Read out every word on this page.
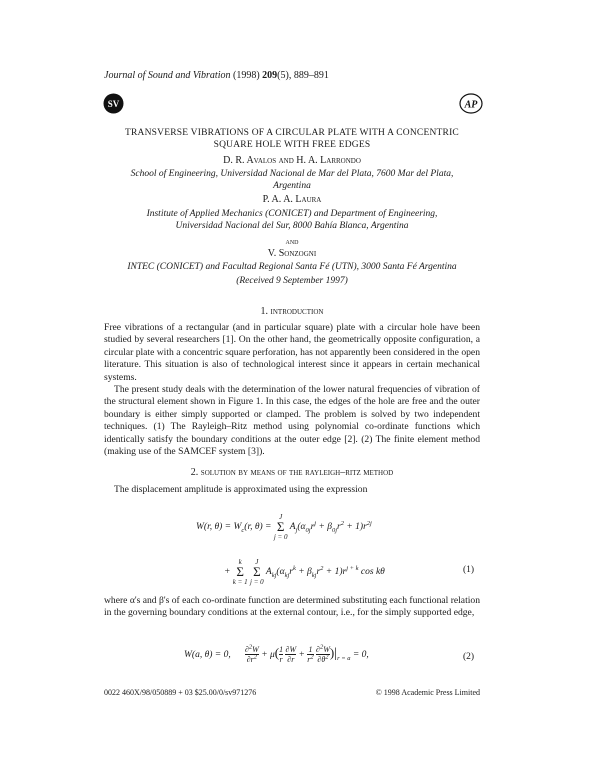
Journal of Sound and Vibration (1998) 209(5), 889–891
SV	AP
TRANSVERSE VIBRATIONS OF A CIRCULAR PLATE WITH A CONCENTRIC
SQUARE HOLE WITH FREE EDGES
D. R. Avalos and H. A. Larrondo
School of Engineering, Universidad Nacional de Mar del Plata, 7600 Mar del Plata,
Argentina
P. A. A. Laura
Institute of Applied Mechanics (CONICET) and Department of Engineering,
Universidad Nacional del Sur, 8000 Bahía Blanca, Argentina
and
V. Sonzogni
INTEC (CONICET) and Facultad Regional Santa Fé (UTN), 3000 Santa Fé Argentina
(Received 9 September 1997)
1. introduction

Free vibrations of a rectangular (and in particular square) plate with a circular hole have been studied by several researchers [1]. On the other hand, the geometrically opposite configuration, a circular plate with a concentric square perforation, has not apparently been considered in the open literature. This situation is also of technological interest since it appears in certain mechanical systems.

The present study deals with the determination of the lower natural frequencies of vibration of the structural element shown in Figure 1. In this case, the edges of the hole are free and the outer boundary is either simply supported or clamped. The problem is solved by two independent techniques. (1) The Rayleigh–Ritz method using polynomial co-ordinate functions which identically satisfy the boundary conditions at the outer edge [2]. (2) The finite element method (making use of the SAMCEF system [3]).

2. solution by means of the rayleigh–ritz method

The displacement amplitude is approximated using the expression

W(r, $\theta) = W_c(r$, θ) =
J
Σ
j = 0
$A_j(\alpha_{0j}r^j + \beta_{0j}r^2 + 1)r^{2j}$
+
k
Σ
k = 1

J
Σ
j = 0
$A_{kj}(\alpha_{kj}r^k + \beta_{kj}r^2 + 1)r^{j + k}$ cos kθ	(1)

where α's and β's of each co-ordinate function are determined substituting each functional relation in the governing boundary conditions at the external contour, i.e., for the simply supported edge,

W(a, θ) = 0, $\frac{\partial^2W}{\partial r^2} + \mu( \frac{1}{r}$
$\frac{\partial W}{\partial r} + \frac{1}{r^2}$
$\frac{\partial^2W}{\partial\theta^2} )|_{r = a} = 0$,	(2)
0022 460X/98/050889 + 03 $25.00/0/sv971276	© 1998 Academic Press Limited
